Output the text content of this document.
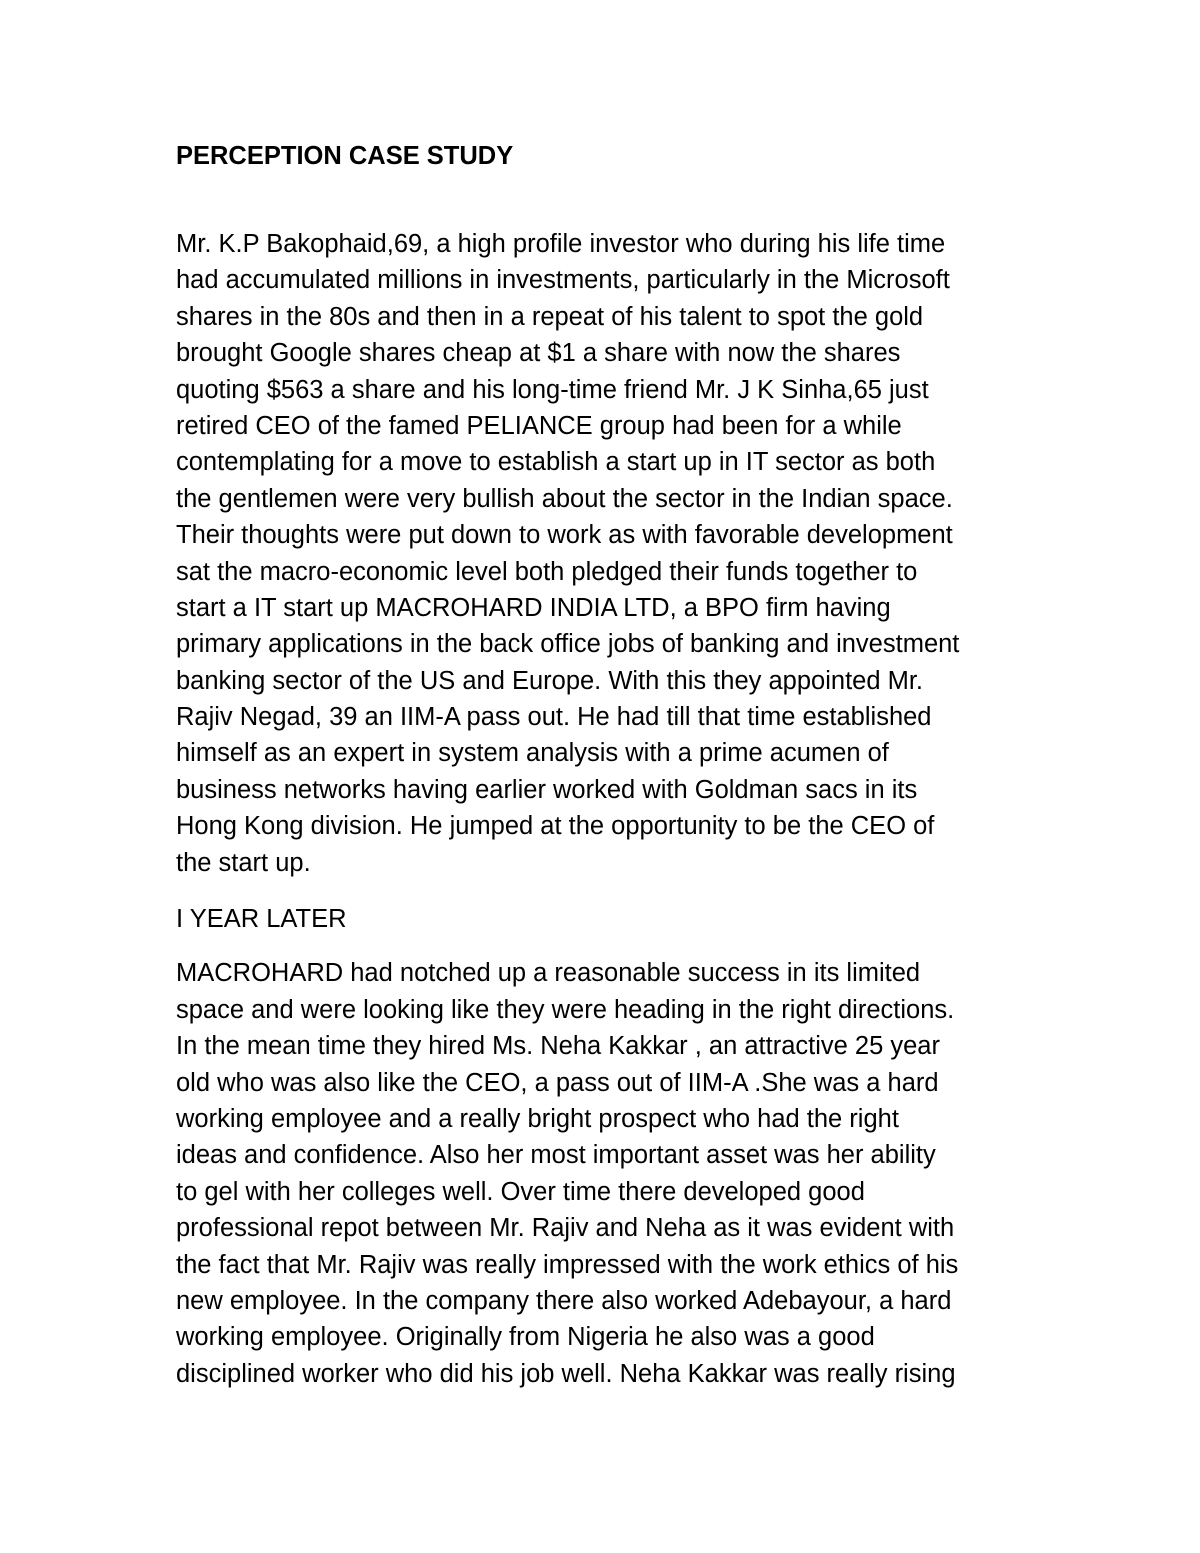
PERCEPTION CASE STUDY
Mr. K.P Bakophaid,69, a high profile investor who during his life time
had accumulated millions in investments, particularly in the Microsoft
shares in the 80s and then in a repeat of his talent to spot the gold
brought Google shares cheap at $1 a share with now the shares
quoting $563 a share and his long-time friend Mr. J K Sinha,65 just
retired CEO of the famed PELIANCE group had been for a while
contemplating for a move to establish a start up in IT sector as both
the gentlemen were very bullish about the sector in the Indian space.
Their thoughts were put down to work as with favorable development
sat the macro-economic level both pledged their funds together to
start a IT start up MACROHARD INDIA LTD, a BPO firm having
primary applications in the back office jobs of banking and investment
banking sector of the US and Europe. With this they appointed Mr.
Rajiv Negad, 39 an IIM-A pass out. He had till that time established
himself as an expert in system analysis with a prime acumen of
business networks having earlier worked with Goldman sacs in its
Hong Kong division. He jumped at the opportunity to be the CEO of
the start up.
I YEAR LATER
MACROHARD had notched up a reasonable success in its limited
space and were looking like they were heading in the right directions.
In the mean time they hired Ms. Neha Kakkar , an attractive 25 year
old who was also like the CEO, a pass out of IIM-A .She was a hard
working employee and a really bright prospect who had the right
ideas and confidence. Also her most important asset was her ability
to gel with her colleges well. Over time there developed good
professional repot between Mr. Rajiv and Neha as it was evident with
the fact that Mr. Rajiv was really impressed with the work ethics of his
new employee. In the company there also worked Adebayour, a hard
working employee. Originally from Nigeria he also was a good
disciplined worker who did his job well. Neha Kakkar was really rising
